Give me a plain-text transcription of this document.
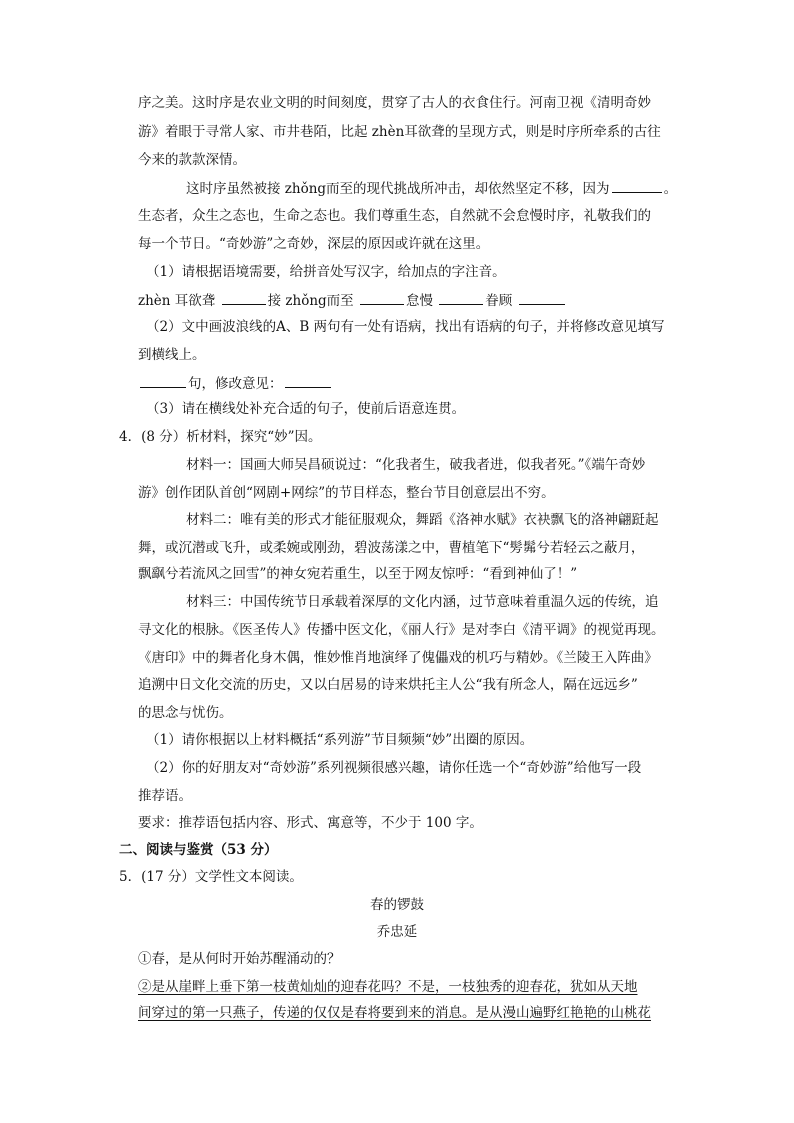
序之美。这时序是农业文明的时间刻度，贯穿了古人的衣食住行。河南卫视《清明奇妙
游》着眼于寻常人家、市井巷陌，比起 zhèn耳欲聋的呈现方式，则是时序所牵系的古往
今来的款款深情。
这时序虽然被接 zhǒng而至的现代挑战所冲击，却依然坚定不移，因为	。
生态者，众生之态也，生命之态也。我们尊重生态，自然就不会怠慢时序，礼敬我们的
每一个节日。“奇妙游”之奇妙，深层的原因或许就在这里。
（1）请根据语境需要，给拼音处写汉字，给加点的字注音。
zhèn 耳欲聋	接 zhǒng而至	怠慢	眷顾
（2）文中画波浪线的A、B 两句有一处有语病，找出有语病的句子，并将修改意见填写
到横线上。
句，修改意见：
（3）请在横线处补充合适的句子，使前后语意连贯。
4．(8 分）析材料，探究“妙”因。
材料一：国画大师吴昌硕说过：“化我者生，破我者进，似我者死。”《端午奇妙
游》创作团队首创“网剧+网综”的节目样态，整台节目创意层出不穷。
材料二：唯有美的形式才能征服观众，舞蹈《洛神水赋》衣袂飘飞的洛神翩跹起
舞，或沉潜或飞升，或柔婉或刚劲，碧波荡漾之中，曹植笔下“髣髴兮若轻云之蔽月，
飘飖兮若流风之回雪”的神女宛若重生，以至于网友惊呼：“看到神仙了！”
材料三：中国传统节日承载着深厚的文化内涵，过节意味着重温久远的传统，追
寻文化的根脉。《医圣传人》传播中医文化，《丽人行》是对李白《清平调》的视觉再现。
《唐印》中的舞者化身木偶，惟妙惟肖地演绎了傀儡戏的机巧与精妙。《兰陵王入阵曲》
追溯中日文化交流的历史，又以白居易的诗来烘托主人公“我有所念人，隔在远远乡”
的思念与忧伤。
（1）请你根据以上材料概括“系列游”节目频频“妙”出圈的原因。
（2）你的好朋友对“奇妙游”系列视频很感兴趣，请你任选一个“奇妙游”给他写一段
推荐语。
要求：推荐语包括内容、形式、寓意等，不少于 100 字。
二、阅读与鉴赏（53 分）
5．(17 分）文学性文本阅读。
春的锣鼓
乔忠延
①春，是从何时开始苏醒涌动的？
②是从崖畔上垂下第一枝黄灿灿的迎春花吗？不是，一枝独秀的迎春花，犹如从天地
间穿过的第一只燕子，传递的仅仅是春将要到来的消息。是从漫山遍野红艳艳的山桃花
